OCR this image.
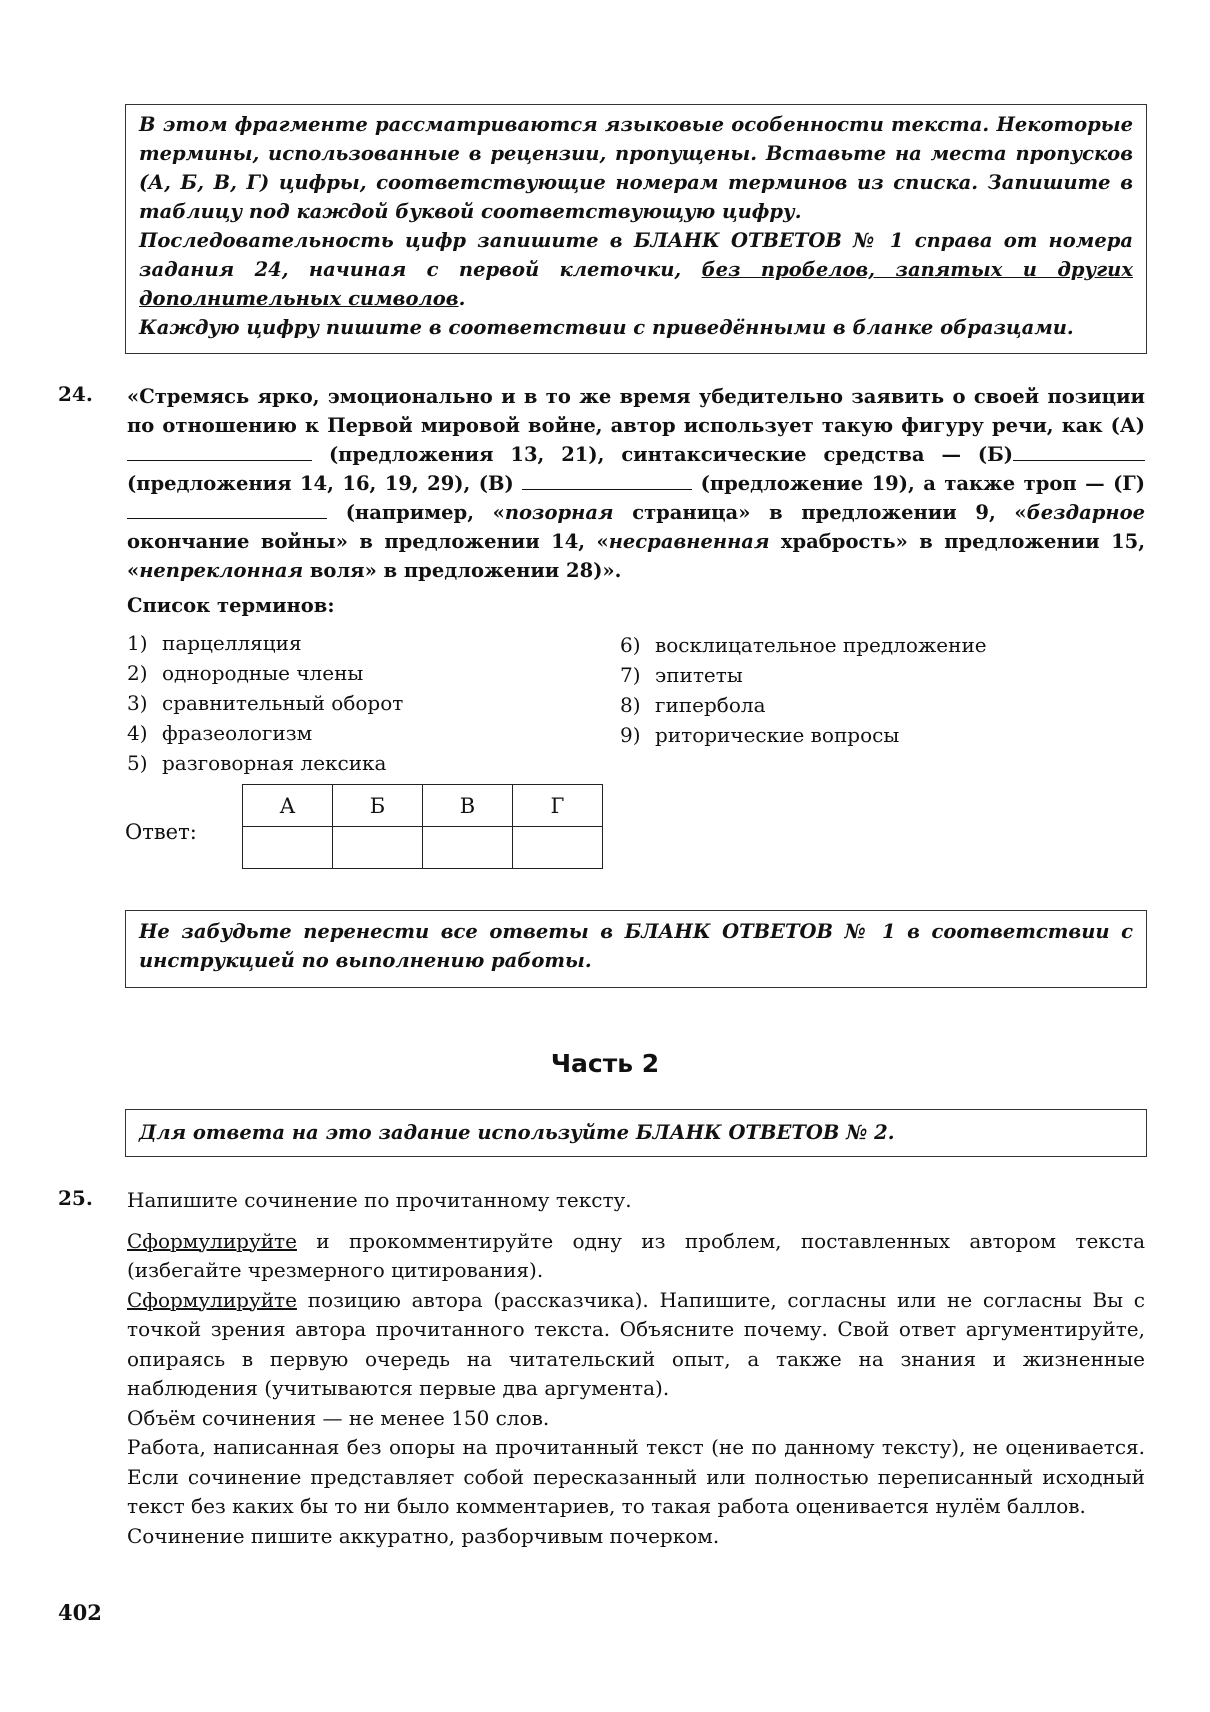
В этом фрагменте рассматриваются языковые особенности текста. Некоторые термины, использованные в рецензии, пропущены. Вставьте на места пропусков (А, Б, В, Г) цифры, соответствующие номерам терминов из списка. Запишите в таблицу под каждой буквой соответствующую цифру.

Последовательность цифр запишите в БЛАНК ОТВЕТОВ № 1 справа от номера задания 24, начиная с первой клеточки, без пробелов, запятых и других дополнительных символов.

Каждую цифру пишите в соответствии с приведёнными в бланке образцами.

24. «Стремясь ярко, эмоционально и в то же время убедительно заявить о своей позиции по отношению к Первой мировой войне, автор использует такую фигуру речи, как (А)  (предложения 13, 21), синтаксические средства — (Б) (предложения 14, 16, 19, 29), (В)	(предложение 19), а также троп — (Г)  (например, «позорная страница» в предложении 9, «бездарное окончание войны» в предложении 14, «несравненная храбрость» в предложении 15, «непреклонная воля» в предложении 28)».

Список терминов:
1) парцелляция
2) однородные члены
3) сравнительный оборот
4) фразеологизм
5) разговорная лексика
6) восклицательное предложение
7) эпитеты
8) гипербола
9) риторические вопросы
Ответ:
А	Б	В	Г

Не забудьте перенести все ответы в БЛАНК ОТВЕТОВ № 1 в соответствии с инструкцией по выполнению работы.

Часть 2

Для ответа на это задание используйте БЛАНК ОТВЕТОВ № 2.

25. Напишите сочинение по прочитанному тексту.

Сформулируйте и прокомментируйте одну из проблем, поставленных автором текста (избегайте чрезмерного цитирования).

Сформулируйте позицию автора (рассказчика). Напишите, согласны или не согласны Вы с точкой зрения автора прочитанного текста. Объясните почему. Свой ответ аргументируйте, опираясь в первую очередь на читательский опыт, а также на знания и жизненные наблюдения (учитываются первые два аргумента).

Объём сочинения — не менее 150 слов.

Работа, написанная без опоры на прочитанный текст (не по данному тексту), не оценивается. Если сочинение представляет собой пересказанный или полностью переписанный исходный текст без каких бы то ни было комментариев, то такая работа оценивается нулём баллов.

Сочинение пишите аккуратно, разборчивым почерком.

402
